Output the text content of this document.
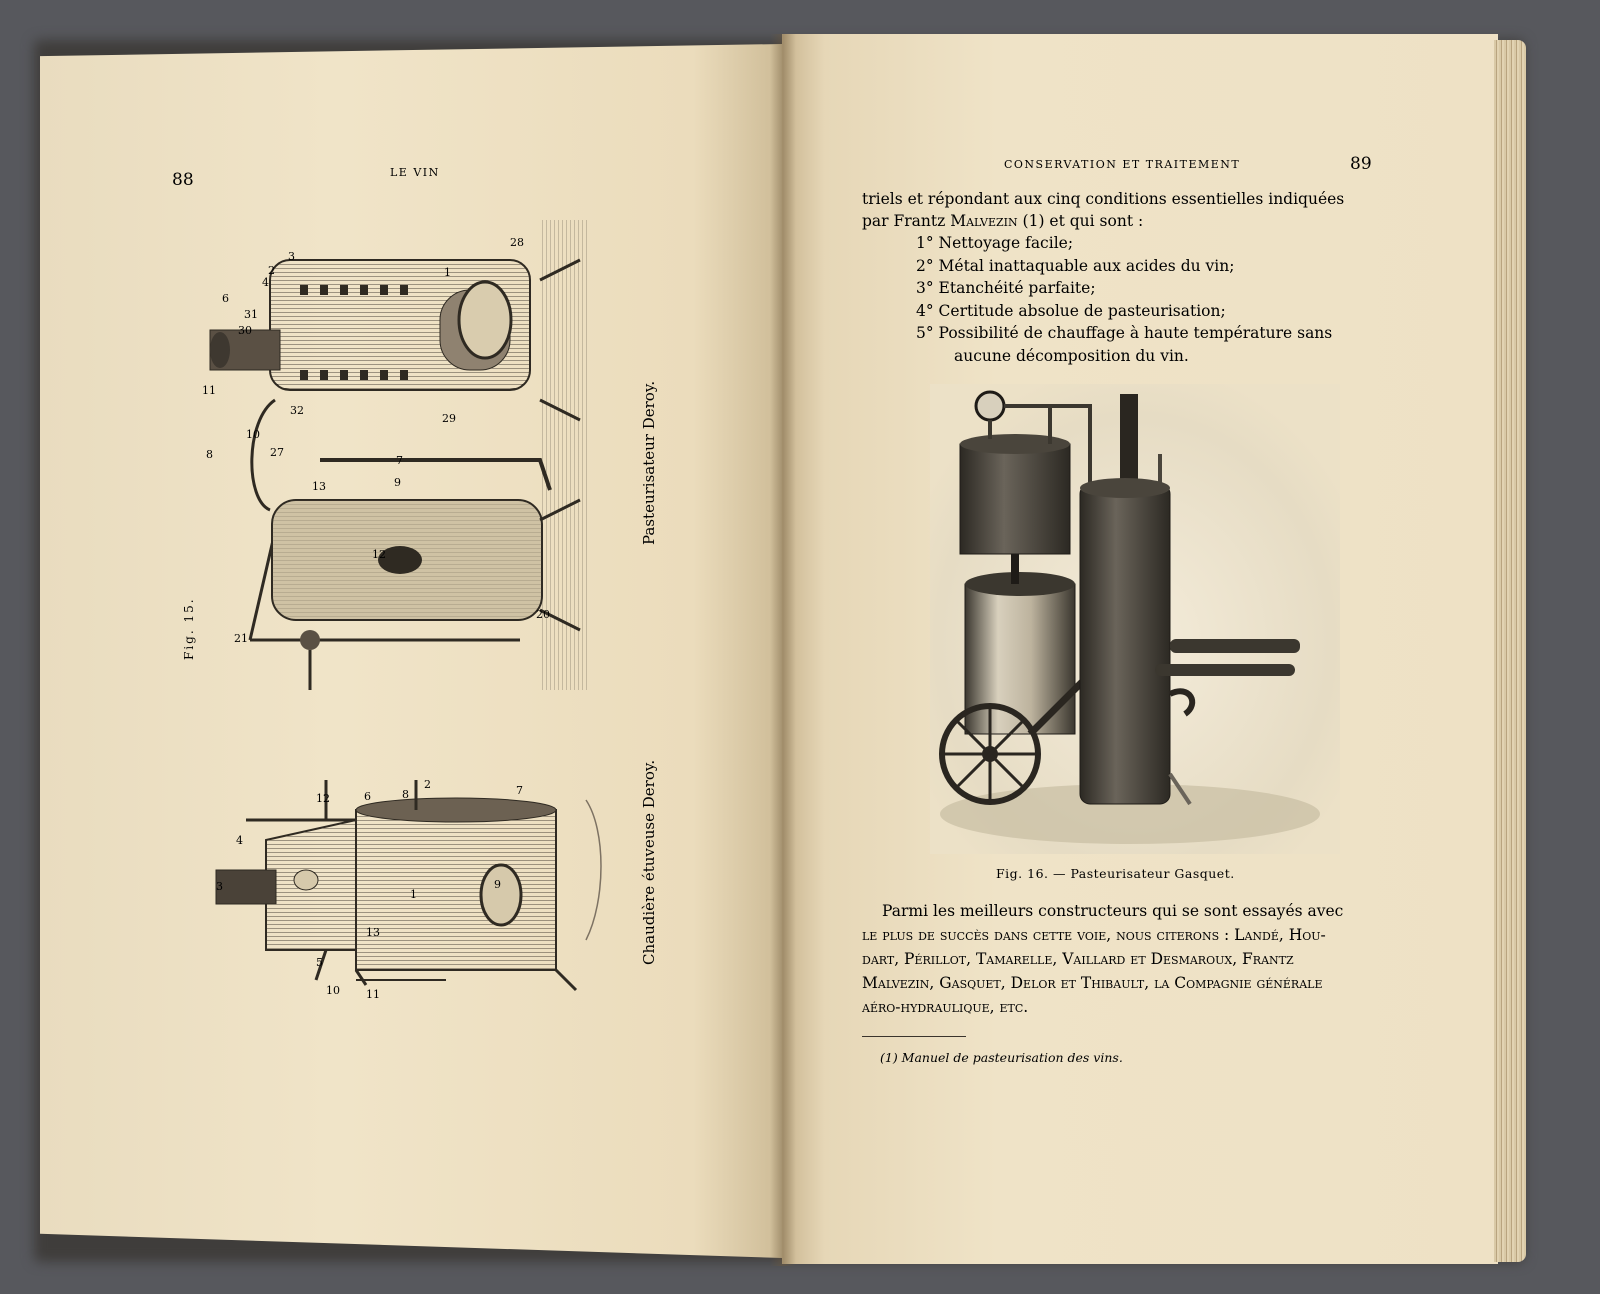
88	LE VIN
Fig. 15.
Pasteurisateur Deroy.
2
3
6
30
28
11
10
8	27
7
13
12
21
20
29
31
32
1
4
9
Chaudière étuveuse Deroy.
1
2
3
4
5
6	7
8
9
10 11
12
13
CONSERVATION ET TRAITEMENT	89
triels et répondant aux cinq conditions essentielles indiquées
par Frantz Malvezin (1) et qui sont :
1° Nettoyage facile;
2° Métal inattaquable aux acides du vin;
3° Etanchéité parfaite;
4° Certitude absolue de pasteurisation;
5° Possibilité de chauffage à haute température sans
aucune décomposition du vin.
Fig. 16. — Pasteurisateur Gasquet.
Parmi les meilleurs constructeurs qui se sont essayés avec
le plus de succès dans cette voie, nous citerons : Landé, Hou-
dart, Périllot, Tamarelle, Vaillard et Desmaroux, Frantz
Malvezin, Gasquet, Delor et Thibault, la Compagnie générale
aéro-hydraulique, etc.
(1) Manuel de pasteurisation des vins.
